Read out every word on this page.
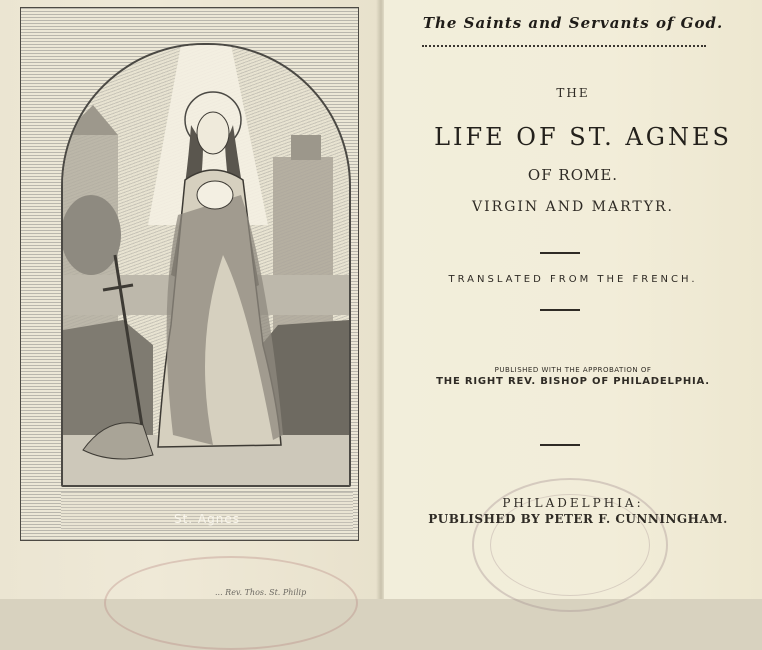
St. Agnes
... Rev. Thos. St. Philip
The Saints and Servants of God.
THE
LIFE OF ST. AGNES
OF ROME.
VIRGIN AND MARTYR.
TRANSLATED FROM THE FRENCH.
PUBLISHED WITH THE APPROBATION OF
THE RIGHT REV. BISHOP OF PHILADELPHIA.
PHILADELPHIA:
PUBLISHED BY PETER F. CUNNINGHAM.
